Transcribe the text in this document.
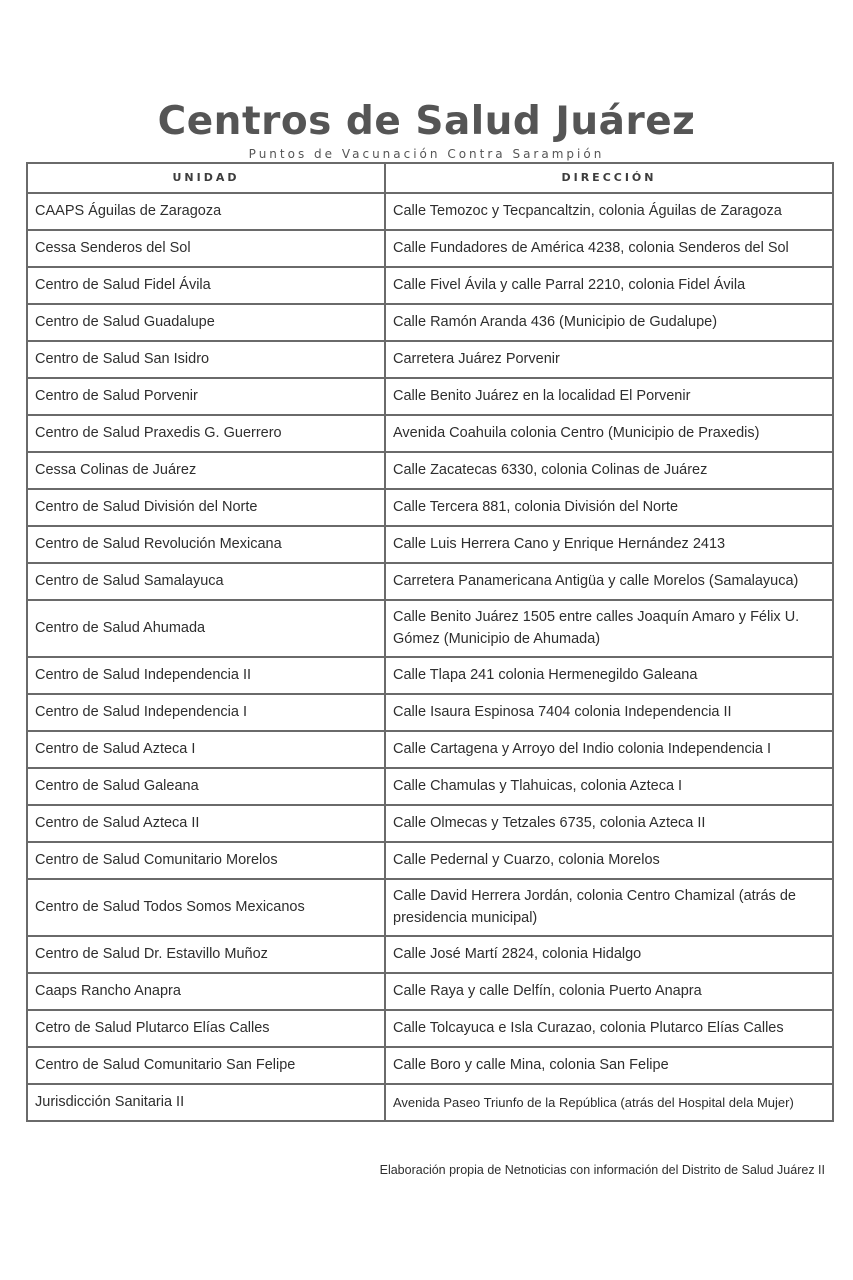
Centros de Salud Juárez
Puntos de Vacunación Contra Sarampión
UNIDAD	DIRECCIÓN
CAAPS Águilas de Zaragoza	Calle Temozoc y Tecpancaltzin, colonia Águilas de Zaragoza
Cessa Senderos del Sol	Calle Fundadores de América 4238, colonia Senderos del Sol
Centro de Salud Fidel Ávila	Calle Fivel Ávila y calle Parral 2210, colonia Fidel Ávila
Centro de Salud Guadalupe	Calle Ramón Aranda 436 (Municipio de Gudalupe)
Centro de Salud San Isidro	Carretera Juárez Porvenir
Centro de Salud Porvenir	Calle Benito Juárez en la localidad El Porvenir
Centro de Salud Praxedis G. Guerrero	Avenida Coahuila colonia Centro (Municipio de Praxedis)
Cessa Colinas de Juárez	Calle Zacatecas 6330, colonia Colinas de Juárez
Centro de Salud División del Norte	Calle Tercera 881, colonia División del Norte
Centro de Salud Revolución Mexicana	Calle Luis Herrera Cano y Enrique Hernández 2413
Centro de Salud Samalayuca	Carretera Panamericana Antigüa y calle Morelos (Samalayuca)
Centro de Salud Ahumada	Calle Benito Juárez 1505 entre calles Joaquín Amaro y Félix U. Gómez (Municipio de Ahumada)
Centro de Salud Independencia II	Calle Tlapa 241 colonia Hermenegildo Galeana
Centro de Salud Independencia I	Calle Isaura Espinosa 7404 colonia Independencia II
Centro de Salud Azteca I	Calle Cartagena y Arroyo del Indio colonia Independencia I
Centro de Salud Galeana	Calle Chamulas y Tlahuicas, colonia Azteca I
Centro de Salud Azteca II	Calle Olmecas y Tetzales 6735, colonia Azteca II
Centro de Salud Comunitario Morelos	Calle Pedernal y Cuarzo, colonia Morelos
Centro de Salud Todos Somos Mexicanos	Calle David Herrera Jordán, colonia Centro Chamizal (atrás de presidencia municipal)
Centro de Salud Dr. Estavillo Muñoz	Calle José Martí 2824, colonia Hidalgo
Caaps Rancho Anapra	Calle Raya y calle Delfín, colonia Puerto Anapra
Cetro de Salud Plutarco Elías Calles	Calle Tolcayuca e Isla Curazao, colonia Plutarco Elías Calles
Centro de Salud Comunitario San Felipe	Calle Boro y calle Mina, colonia San Felipe
Jurisdicción Sanitaria II	Avenida Paseo Triunfo de la República (atrás del Hospital dela Mujer)
Elaboración propia de Netnoticias con información del Distrito de Salud Juárez II
